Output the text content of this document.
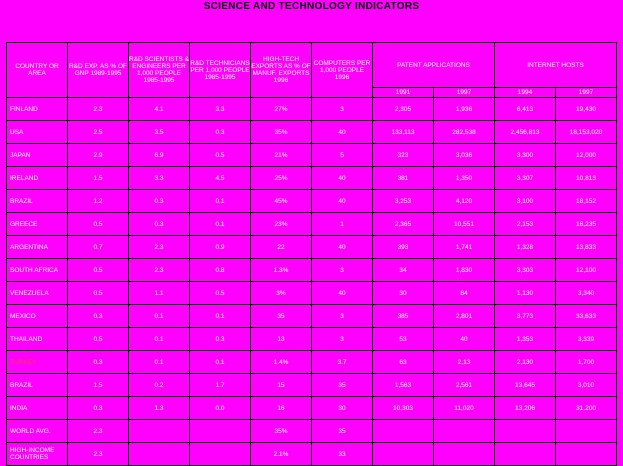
SCIENCE AND TECHNOLOGY INDICATORS
COUNTRY OR AREA	R&D EXP. AS % OF GNP 1989-1995	R&D SCIENTISTS & ENGINEERS PER 1,000 PEOPLE 1985-1995	R&D TECHNICIANS PER 1,000 PEOPLE 1985-1995	HIGH-TECH EXPORTS AS % OF MANUF. EXPORTS 1996	COMPUTERS PER 1,000 PEOPLE 1996	PATENT APPLICATIONS		INTERNET HOSTS	
						1991	1997	1994	1997
FINLAND	2.3	4.1	3.3	27%	3	2,305	1,936	6,413	19,430
USA	2.5	3.5	0.3	35%	40	133,113	282,538	2,456,813	18,153,020
JAPAN	2.9	6.9	0.5	21%	5	323	3,036	3,300	12,000
IRELAND	1.5	3.3	4.5	25%	40	381	1,350	3,307	10,813
BRAZIL	1.2	0.3	0.1	45%	40	3,253	4,120	3,100	18,152
GREECE	0.5	0.3	0.1	23%	1	2,365	10,551	2,153	16,235
ARGENTINA	0.7	2.3	0.9	22	40	393	1,741	1,328	13,833
SOUTH AFRICA	0.5	2.3	0.8	1.3%	3	34	1,830	3,303	12,100
VENEZUELA	0.5	1.1	0.5	3%	40	30	84	1,130	3,340
MEXICO	0.3	0.1	0.1	35	3	385	2,801	3,773	33,633
THAILAND	0.5	0.1	0.3	13	3	53	40	1,353	3,339
TURKEY	0.3	0.1	0.1	1.4%	3.7	63	2,13	2,130	1,700
BRAZIL	1.5	0.2	1.7	15	35	1,563	2,561	13,645	3,010
INDIA	0.3	1.3	0.0	16	30	10,303	11,020	13,206	31,200
WORLD AVG.	2.3			35%	35				
HIGH-INCOME COUNTRIES	2.3			2.1%	33				
